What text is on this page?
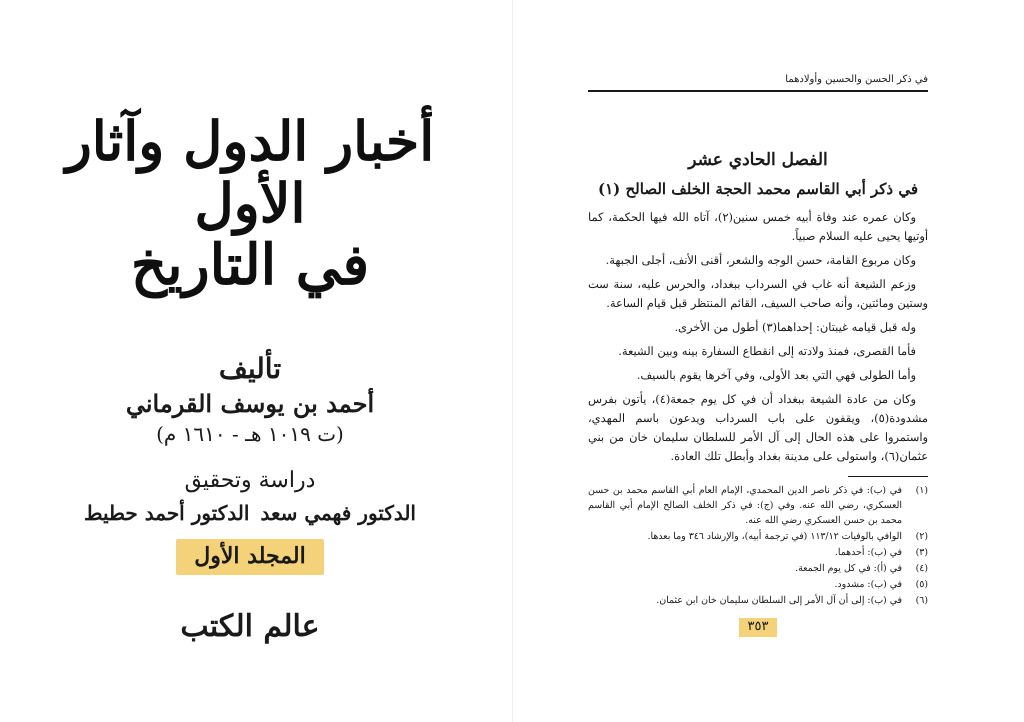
أخبار الدول وآثار الأول
في التاريخ
تأليف
أحمد بن يوسف القرماني
(ت ١٠١٩ هـ - ١٦١٠ م)
دراسة وتحقيق
الدكتور فهمي سعد
الدكتور أحمد حطيط
المجلد الأول
عالم الكتب
في ذكر الحسن والحسين وأولادهما
الفصل الحادي عشر
في ذكر أبي القاسم محمد الحجة الخلف الصالح (١)

وكان عمره عند وفاة أبيه خمس سنين(٢)، آتاه الله فيها الحكمة، كما أوتيها يحيى عليه السلام صبياً.

وكان مربوع القامة، حسن الوجه والشعر، أقنى الأنف، أجلى الجبهة.

وزعم الشيعة أنه غاب في السرداب ببغداد، والحرس عليه، سنة ست وستين ومائتين، وأنه صاحب السيف، القائم المنتظر قبل قيام الساعة.

وله قبل قيامه غيبتان: إحداهما(٣) أطول من الأخرى.

فأما القصرى، فمنذ ولادته إلى انقطاع السفارة بينه وبين الشيعة.

وأما الطولى فهي التي بعد الأولى، وفي آخرها يقوم بالسيف.

وكان من عادة الشيعة ببغداد أن في كل يوم جمعة(٤)، يأتون بفرس مشدودة(٥)، ويقفون على باب السرداب ويدعون باسم المهدي، واستمروا على هذه الحال إلى آل الأمر للسلطان سليمان خان من بني عثمان(٦)، واستولى على مدينة بغداد وأبطل تلك العادة.

(١)
في (ب): في ذكر ناصر الدين المحمدي، الإمام العام أبي القاسم محمد بن حسن العسكري، رضي الله عنه. وفي (ج): في ذكر الخلف الصالح الإمام أبي القاسم محمد بن حسن العسكري رضي الله عنه.
(٢)
الوافي بالوفيات ١١٣/١٢ (في ترجمة أبيه)، والإرشاد ٣٤٦ وما بعدها.
(٣)
في (ب): أحدهما.
(٤)
في (أ): في كل يوم الجمعة.
(٥)
في (ب): مشدود.
(٦)
في (ب): إلى أن آل الأمر إلى السلطان سليمان خان ابن عثمان.
٣٥٣
